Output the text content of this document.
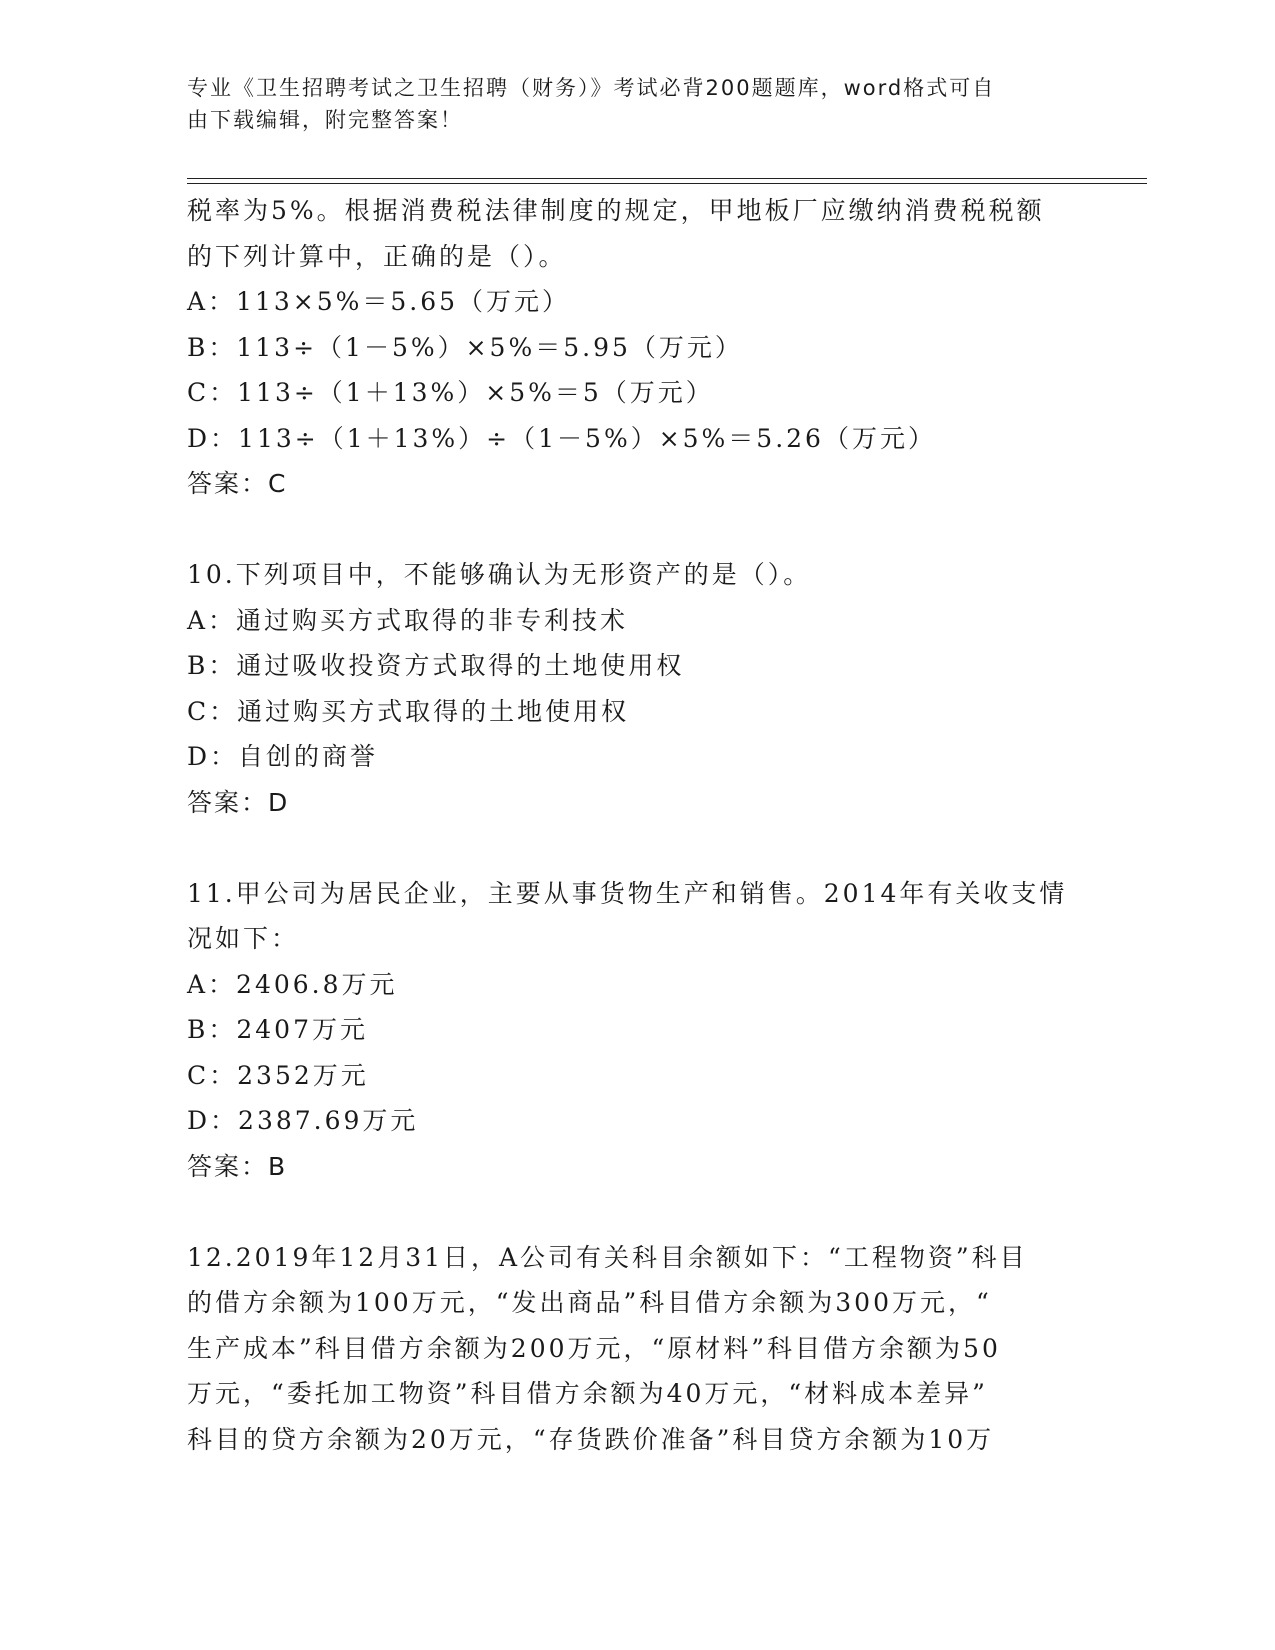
专业《卫生招聘考试之卫生招聘（财务）》考试必背200题题库，word格式可自
由下载编辑，附完整答案！
税率为5%。根据消费税法律制度的规定，甲地板厂应缴纳消费税税额
的下列计算中，正确的是（）。
A：113×5%＝5.65（万元）
B：113÷（1－5%）×5%＝5.95（万元）
C：113÷（1＋13%）×5%＝5（万元）
D：113÷（1＋13%）÷（1－5%）×5%＝5.26（万元）
答案：C
10.下列项目中，不能够确认为无形资产的是（）。
A：通过购买方式取得的非专利技术
B：通过吸收投资方式取得的土地使用权
C：通过购买方式取得的土地使用权
D：自创的商誉
答案：D
11.甲公司为居民企业，主要从事货物生产和销售。2014年有关收支情
况如下：
A：2406.8万元
B：2407万元
C：2352万元
D：2387.69万元
答案：B
12.2019年12月31日，A公司有关科目余额如下：“工程物资”科目
的借方余额为100万元，“发出商品”科目借方余额为300万元，“
生产成本”科目借方余额为200万元，“原材料”科目借方余额为50
万元，“委托加工物资”科目借方余额为40万元，“材料成本差异”
科目的贷方余额为20万元，“存货跌价准备”科目贷方余额为10万
